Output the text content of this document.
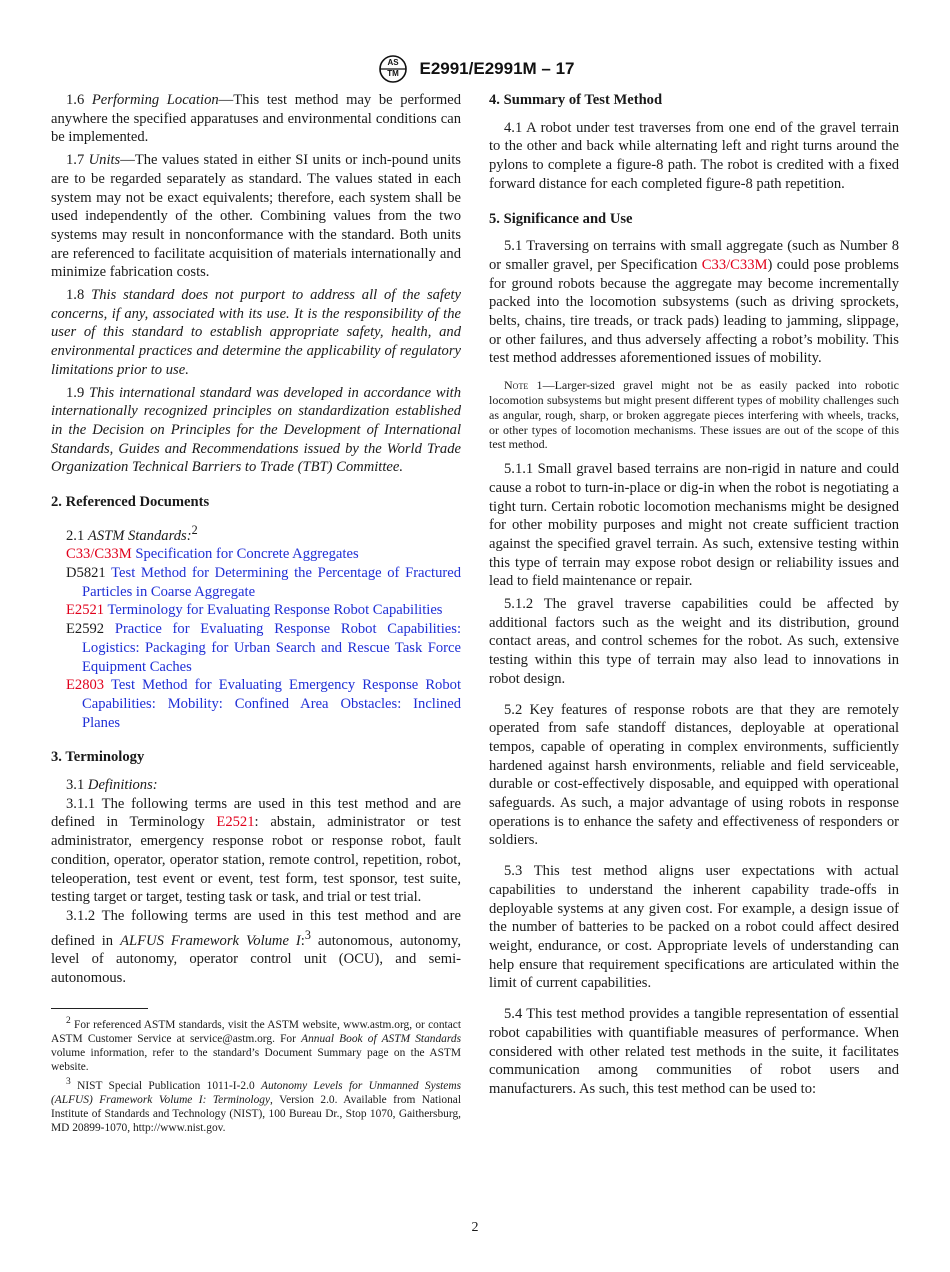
AS
TM E2991/E2991M – 17

1.6 Performing Location—This test method may be performed anywhere the specified apparatuses and environmental conditions can be implemented.

1.7 Units—The values stated in either SI units or inch-pound units are to be regarded separately as standard. The values stated in each system may not be exact equivalents; therefore, each system shall be used independently of the other. Combining values from the two systems may result in nonconformance with the standard. Both units are referenced to facilitate acquisition of materials internationally and minimize fabrication costs.

1.8 This standard does not purport to address all of the safety concerns, if any, associated with its use. It is the responsibility of the user of this standard to establish appropriate safety, health, and environmental practices and determine the applicability of regulatory limitations prior to use.

1.9 This international standard was developed in accordance with internationally recognized principles on standardization established in the Decision on Principles for the Development of International Standards, Guides and Recommendations issued by the World Trade Organization Technical Barriers to Trade (TBT) Committee.

2. Referenced Documents

2.1 ASTM Standards:$^2$

C33/C33M Specification for Concrete Aggregates

D5821 Test Method for Determining the Percentage of Fractured Particles in Coarse Aggregate

E2521 Terminology for Evaluating Response Robot Capabilities

E2592 Practice for Evaluating Response Robot Capabilities: Logistics: Packaging for Urban Search and Rescue Task Force Equipment Caches

E2803 Test Method for Evaluating Emergency Response Robot Capabilities: Mobility: Confined Area Obstacles: Inclined Planes

3. Terminology

3.1 Definitions:

3.1.1 The following terms are used in this test method and are defined in Terminology E2521: abstain, administrator or test administrator, emergency response robot or response robot, fault condition, operator, operator station, remote control, repetition, robot, teleoperation, test event or event, test form, test sponsor, test suite, testing target or target, testing task or task, and trial or test trial.

3.1.2 The following terms are used in this test method and are defined in ALFUS Framework Volume I:$^3$ autonomous, autonomy, level of autonomy, operator control unit (OCU), and semi-autonomous.

$^2$ For referenced ASTM standards, visit the ASTM website, www.astm.org, or contact ASTM Customer Service at service@astm.org. For Annual Book of ASTM Standards volume information, refer to the standard’s Document Summary page on the ASTM website.

$^3$ NIST Special Publication 1011-I-2.0 Autonomy Levels for Unmanned Systems (ALFUS) Framework Volume I: Terminology, Version 2.0. Available from National Institute of Standards and Technology (NIST), 100 Bureau Dr., Stop 1070, Gaithersburg, MD 20899-1070, http://www.nist.gov.

4. Summary of Test Method

4.1 A robot under test traverses from one end of the gravel terrain to the other and back while alternating left and right turns around the pylons to complete a figure-8 path. The robot is credited with a fixed forward distance for each completed figure-8 path repetition.

5. Significance and Use

5.1 Traversing on terrains with small aggregate (such as Number 8 or smaller gravel, per Specification C33/C33M) could pose problems for ground robots because the aggregate may become incrementally packed into the locomotion subsystems (such as driving sprockets, belts, chains, tire treads, or track pads) leading to jamming, slippage, or other failures, and thus adversely affecting a robot’s mobility. This test method addresses aforementioned issues of mobility.

Note 1—Larger-sized gravel might not be as easily packed into robotic locomotion subsystems but might present different types of mobility challenges such as angular, rough, sharp, or broken aggregate pieces interfering with wheels, tracks, or other types of locomotion mechanisms. These issues are out of the scope of this test method.

5.1.1 Small gravel based terrains are non-rigid in nature and could cause a robot to turn-in-place or dig-in when the robot is negotiating a tight turn. Certain robotic locomotion mechanisms might be designed for other mobility purposes and might not create sufficient traction against the specified gravel terrain. As such, extensive testing within this type of terrain may expose robot design or reliability issues and lead to field maintenance or repair.

5.1.2 The gravel traverse capabilities could be affected by additional factors such as the weight and its distribution, ground contact areas, and control schemes for the robot. As such, extensive testing within this type of terrain may also lead to innovations in robot design.

5.2 Key features of response robots are that they are remotely operated from safe standoff distances, deployable at operational tempos, capable of operating in complex environments, sufficiently hardened against harsh environments, reliable and field serviceable, durable or cost-effectively disposable, and equipped with operational safeguards. As such, a major advantage of using robots in response operations is to enhance the safety and effectiveness of responders or soldiers.

5.3 This test method aligns user expectations with actual capabilities to understand the inherent capability trade-offs in deployable systems at any given cost. For example, a design issue of the number of batteries to be packed on a robot could affect desired weight, endurance, or cost. Appropriate levels of understanding can help ensure that requirement specifications are articulated within the limit of current capabilities.

5.4 This test method provides a tangible representation of essential robot capabilities with quantifiable measures of performance. When considered with other related test methods in the suite, it facilitates communication among communities of robot users and manufacturers. As such, this test method can be used to:

2
